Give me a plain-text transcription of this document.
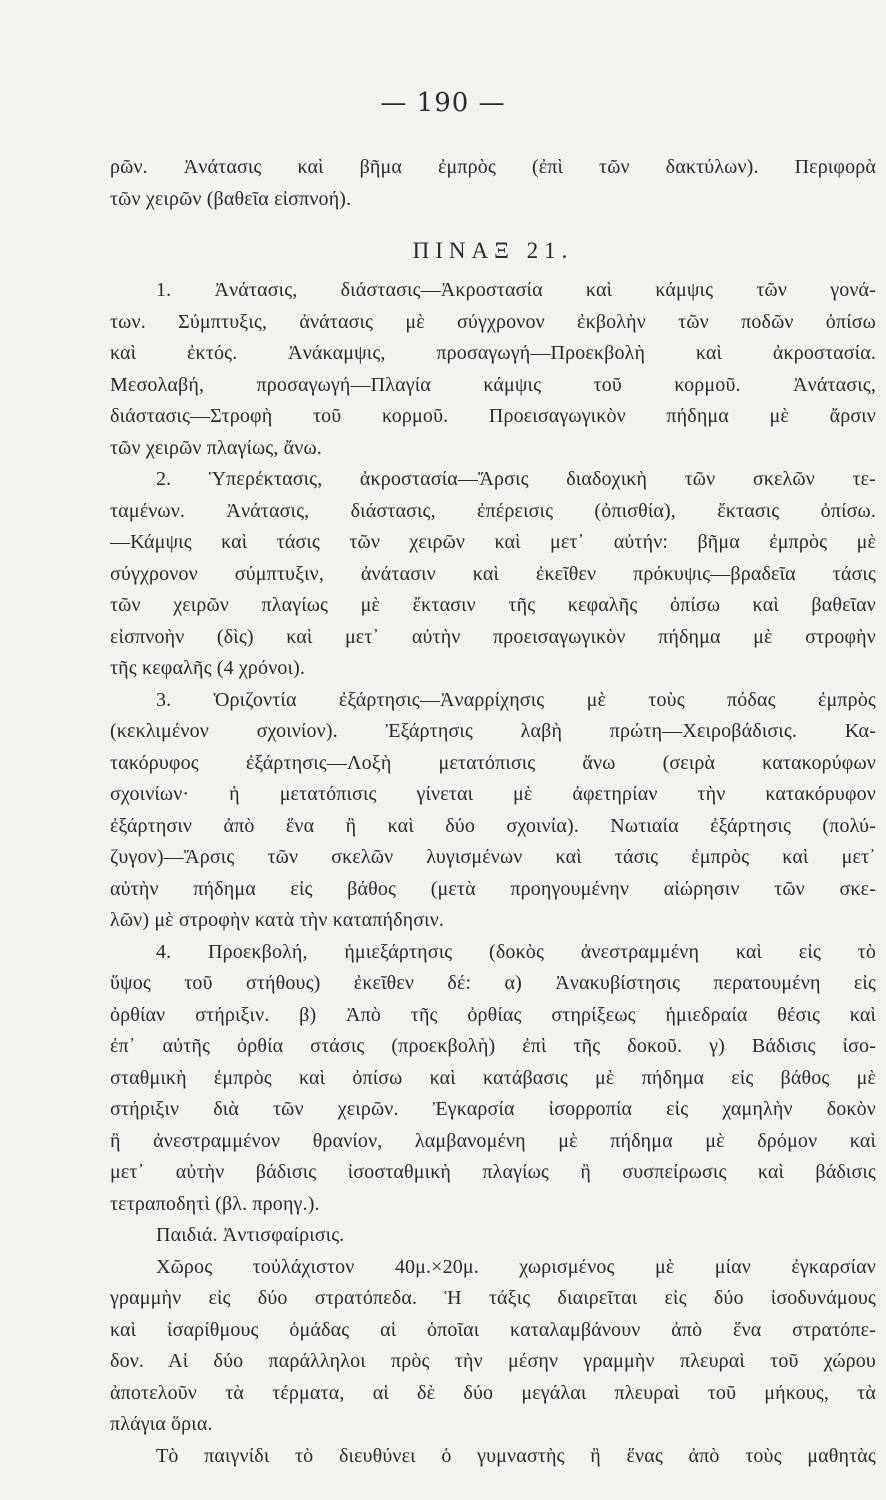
— 190 —
ρῶν. Ἀνάτασις καὶ βῆμα ἐμπρὸς (ἐπὶ τῶν δακτύλων). Περιφορὰ
τῶν χειρῶν (βαθεῖα εἰσπνοή).
ΠΙΝΑΞ 21.
1. Ἀνάτασις, διάστασις—Ἀκροστασία καὶ κάμψις τῶν γονά-
των. Σύμπτυξις, ἀνάτασις μὲ σύγχρονον ἐκβολὴν τῶν ποδῶν ὀπίσω
καὶ ἐκτός. Ἀνάκαμψις, προσαγωγή—Προεκβολὴ καὶ ἀκροστασία.
Μεσολαβή, προσαγωγή—Πλαγία κάμψις τοῦ κορμοῦ. Ἀνάτασις,
διάστασις—Στροφὴ τοῦ κορμοῦ. Προεισαγωγικὸν πήδημα μὲ ἄρσιν
τῶν χειρῶν πλαγίως, ἄνω.
2. Ὑπερέκτασις, ἀκροστασία—Ἄρσις διαδοχικὴ τῶν σκελῶν τε-
ταμένων. Ἀνάτασις, διάστασις, ἐπέρεισις (ὀπισθία), ἔκτασις ὀπίσω.
—Κάμψις καὶ τάσις τῶν χειρῶν καὶ μετ᾽ αὐτήν: βῆμα ἐμπρὸς μὲ
σύγχρονον σύμπτυξιν, ἀνάτασιν καὶ ἐκεῖθεν πρόκυψις—βραδεῖα τάσις
τῶν χειρῶν πλαγίως μὲ ἔκτασιν τῆς κεφαλῆς ὀπίσω καὶ βαθεῖαν
εἰσπνοὴν (δὶς) καὶ μετ᾽ αὐτὴν προεισαγωγικὸν πήδημα μὲ στροφὴν
τῆς κεφαλῆς (4 χρόνοι).
3. Ὁριζοντία ἐξάρτησις—Ἀναρρίχησις μὲ τοὺς πόδας ἐμπρὸς
(κεκλιμένον σχοινίον). Ἐξάρτησις λαβὴ πρώτη—Χειροβάδισις. Κα-
τακόρυφος ἐξάρτησις—Λοξὴ μετατόπισις ἄνω (σειρὰ κατακορύφων
σχοινίων· ἡ μετατόπισις γίνεται μὲ ἀφετηρίαν τὴν κατακόρυφον
ἐξάρτησιν ἀπὸ ἕνα ἢ καὶ δύο σχοινία). Νωτιαία ἐξάρτησις (πολύ-
ζυγον)—Ἄρσις τῶν σκελῶν λυγισμένων καὶ τάσις ἐμπρὸς καὶ μετ᾽
αὐτὴν πήδημα εἰς βάθος (μετὰ προηγουμένην αἰώρησιν τῶν σκε-
λῶν) μὲ στροφὴν κατὰ τὴν καταπήδησιν.
4. Προεκβολή, ἡμιεξάρτησις (δοκὸς ἀνεστραμμένη καὶ εἰς τὸ
ὕψος τοῦ στήθους) ἐκεῖθεν δέ: α) Ἀνακυβίστησις περατουμένη εἰς
ὀρθίαν στήριξιν. β) Ἀπὸ τῆς ὀρθίας στηρίξεως ἡμιεδραία θέσις καὶ
ἐπ᾽ αὐτῆς ὀρθία στάσις (προεκβολὴ) ἐπὶ τῆς δοκοῦ. γ) Βάδισις ἰσο-
σταθμικὴ ἐμπρὸς καὶ ὀπίσω καὶ κατάβασις μὲ πήδημα εἰς βάθος μὲ
στήριξιν διὰ τῶν χειρῶν. Ἐγκαρσία ἰσορροπία εἰς χαμηλὴν δοκὸν
ἢ ἀνεστραμμένον θρανίον, λαμβανομένη μὲ πήδημα μὲ δρόμον καὶ
μετ᾽ αὐτὴν βάδισις ἰσοσταθμικὴ πλαγίως ἢ συσπείρωσις καὶ βάδισις
τετραποδητὶ (βλ. προηγ.).
Παιδιά. Ἀντισφαίρισις.
Χῶρος τοὐλάχιστον 40μ.×20μ. χωρισμένος μὲ μίαν ἐγκαρσίαν
γραμμὴν εἰς δύο στρατόπεδα. Ἡ τάξις διαιρεῖται εἰς δύο ἰσοδυνάμους
καὶ ἰσαρίθμους ὁμάδας αἱ ὁποῖαι καταλαμβάνουν ἀπὸ ἕνα στρατόπε-
δον. Αἱ δύο παράλληλοι πρὸς τὴν μέσην γραμμὴν πλευραὶ τοῦ χώρου
ἀποτελοῦν τὰ τέρματα, αἱ δὲ δύο μεγάλαι πλευραὶ τοῦ μήκους, τὰ
πλάγια ὅρια.
Τὸ παιγνίδι τὸ διευθύνει ὁ γυμναστὴς ἢ ἕνας ἀπὸ τοὺς μαθητὰς
